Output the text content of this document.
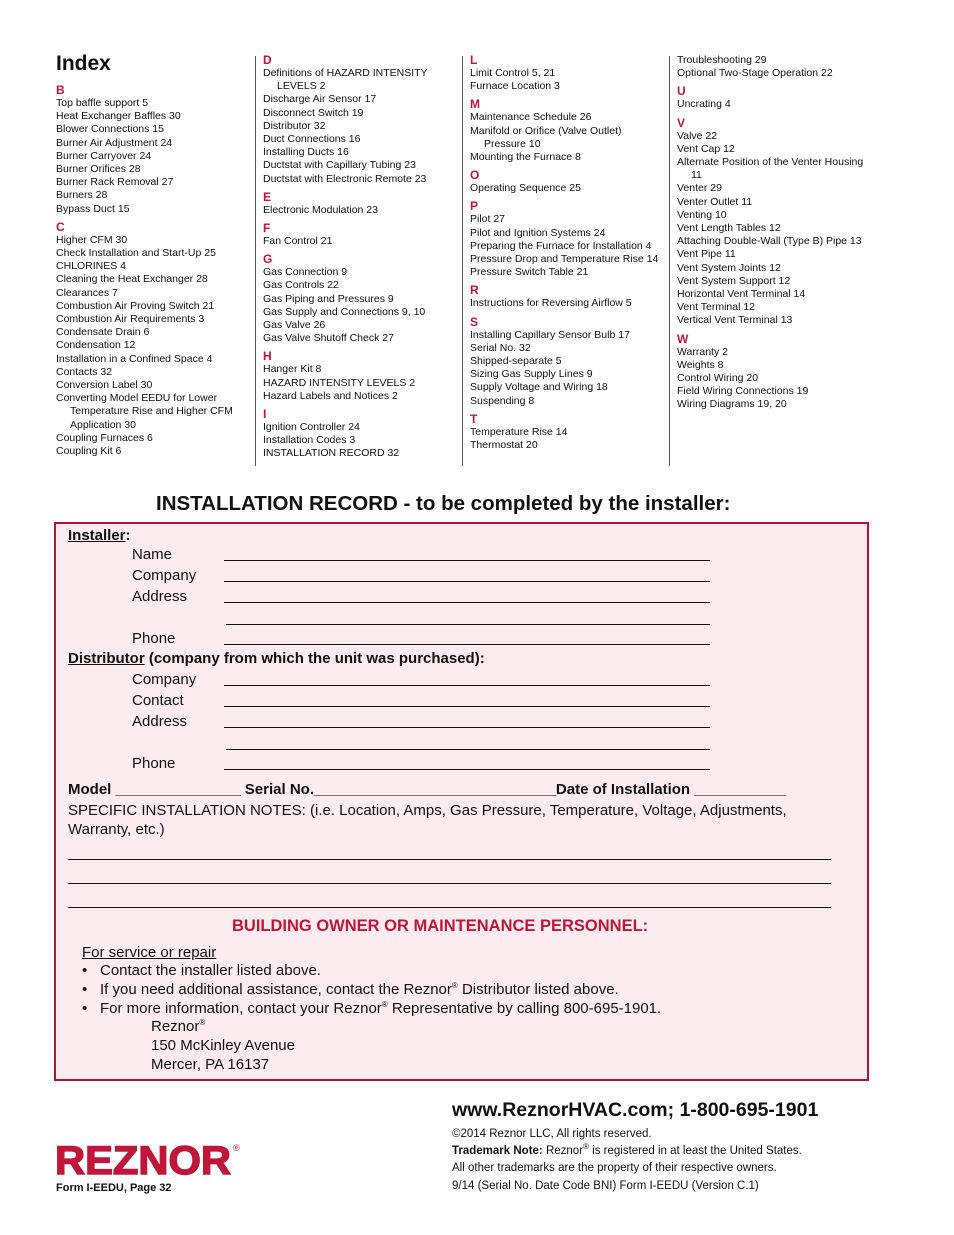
Index
B
Top baffle support 5
Heat Exchanger Baffles 30
Blower Connections 15
Burner Air Adjustment 24
Burner Carryover 24
Burner Orifices 28
Burner Rack Removal 27
Burners 28
Bypass Duct 15
C
Higher CFM 30
Check Installation and Start-Up 25
CHLORINES 4
Cleaning the Heat Exchanger 28
Clearances 7
Combustion Air Proving Switch 21
Combustion Air Requirements 3
Condensate Drain 6
Condensation 12
Installation in a Confined Space 4
Contacts 32
Conversion Label 30
Converting Model EEDU for Lower Temperature Rise and Higher CFM Application 30
Coupling Furnaces 6
Coupling Kit 6
D
Definitions of HAZARD INTENSITY LEVELS 2
Discharge Air Sensor 17
Disconnect Switch 19
Distributor 32
Duct Connections 16
Installing Ducts 16
Ductstat with Capillary Tubing 23
Ductstat with Electronic Remote 23
E
Electronic Modulation 23
F
Fan Control 21
G
Gas Connection 9
Gas Controls 22
Gas Piping and Pressures 9
Gas Supply and Connections 9, 10
Gas Valve 26
Gas Valve Shutoff Check 27
H
Hanger Kit 8
HAZARD INTENSITY LEVELS 2
Hazard Labels and Notices 2
I
Ignition Controller 24
Installation Codes 3
INSTALLATION RECORD 32
L
Limit Control 5, 21
Furnace Location 3
M
Maintenance Schedule 26
Manifold or Orifice (Valve Outlet) Pressure 10
Mounting the Furnace 8
O
Operating Sequence 25
P
Pilot 27
Pilot and Ignition Systems 24
Preparing the Furnace for Installation 4
Pressure Drop and Temperature Rise 14
Pressure Switch Table 21
R
Instructions for Reversing Airflow 5
S
Installing Capillary Sensor Bulb 17
Serial No. 32
Shipped-separate 5
Sizing Gas Supply Lines 9
Supply Voltage and Wiring 18
Suspending 8
T
Temperature Rise 14
Thermostat 20
Troubleshooting 29
Optional Two-Stage Operation 22
U
Uncrating 4
V
Valve 22
Vent Cap 12
Alternate Position of the Venter Housing 11
Venter 29
Venter Outlet 11
Venting 10
Vent Length Tables 12
Attaching Double-Wall (Type B) Pipe 13
Vent Pipe 11
Vent System Joints 12
Vent System Support 12
Horizontal Vent Terminal 14
Vent Terminal 12
Vertical Vent Terminal 13
W
Warranty 2
Weights 8
Control Wiring 20
Field Wiring Connections 19
Wiring Diagrams 19, 20
INSTALLATION RECORD - to be completed by the installer:
Installer:
Name
Company
Address
Phone
Distributor (company from which the unit was purchased):
Company
Contact
Address
Phone
Model _______________ Serial No._____________________________Date of Installation ___________
SPECIFIC INSTALLATION NOTES: (i.e. Location, Amps, Gas Pressure, Temperature, Voltage, Adjustments,
Warranty, etc.)
BUILDING OWNER OR MAINTENANCE PERSONNEL:
For service or repair
• Contact the installer listed above.
• If you need additional assistance, contact the Reznor® Distributor listed above.
• For more information, contact your Reznor® Representative by calling 800-695-1901.
Reznor®
150 McKinley Avenue
Mercer, PA 16137
www.ReznorHVAC.com; 1-800-695-1901
©2014 Reznor LLC, All rights reserved.
Trademark Note: Reznor® is registered in at least the United States.
All other trademarks are the property of their respective owners.
9/14 (Serial No. Date Code BNI) Form I-EEDU (Version C.1)
REZNOR ®
Form I-EEDU, Page 32
